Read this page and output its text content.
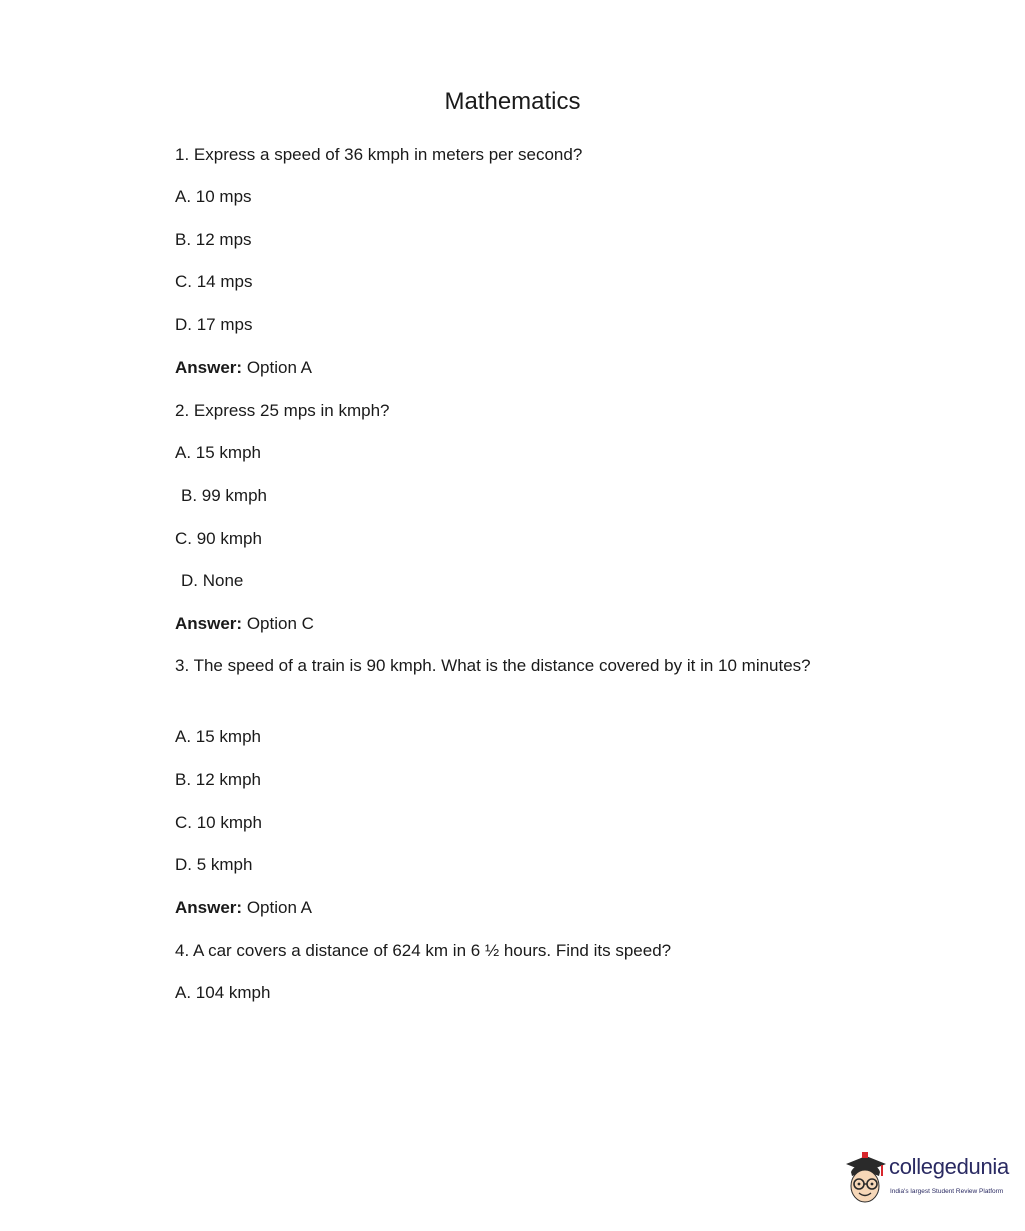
Mathematics
1. Express a speed of 36 kmph in meters per second?
A. 10 mps
B. 12 mps
C. 14 mps
D. 17 mps
Answer: Option A
2. Express 25 mps in kmph?
A. 15 kmph
B. 99 kmph
C. 90 kmph
D. None
Answer: Option C
3. The speed of a train is 90 kmph. What is the distance covered by it in 10 minutes?
A. 15 kmph
B. 12 kmph
C. 10 kmph
D. 5 kmph
Answer: Option A
4. A car covers a distance of 624 km in 6 ½ hours. Find its speed?
A. 104 kmph
collegedunia
India's largest Student Review Platform
